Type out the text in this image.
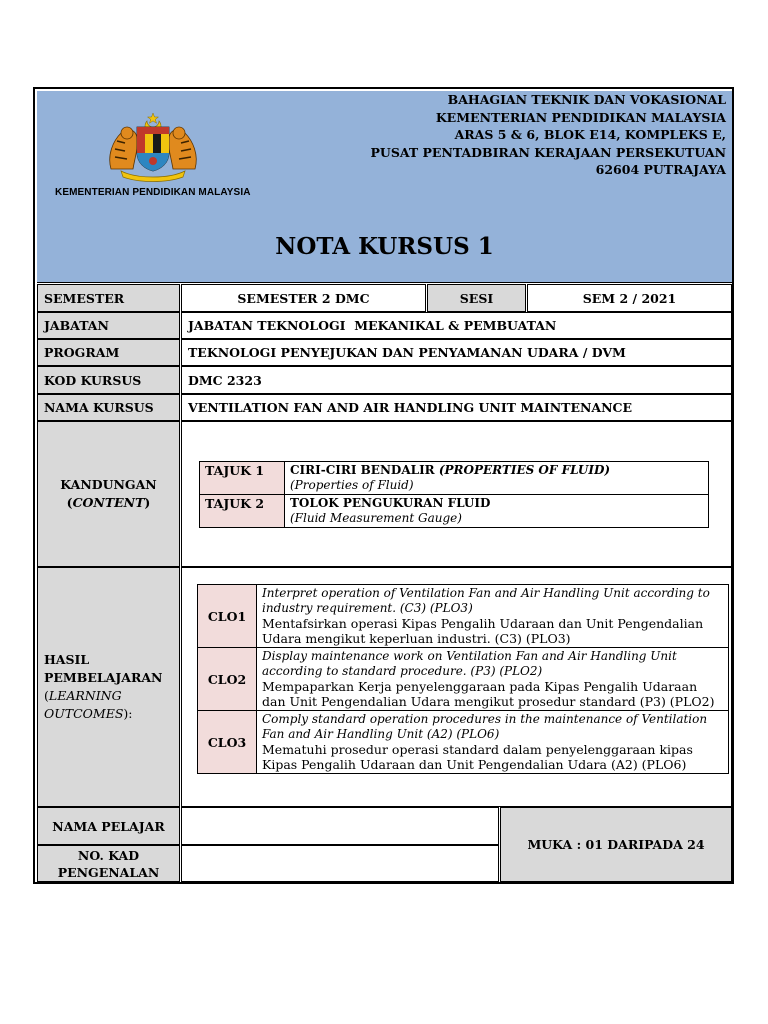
KEMENTERIAN PENDIDIKAN MALAYSIA
BAHAGIAN TEKNIK DAN VOKASIONAL
KEMENTERIAN PENDIDIKAN MALAYSIA
ARAS 5 & 6, BLOK E14, KOMPLEKS E,
PUSAT PENTADBIRAN KERAJAAN PERSEKUTUAN
62604 PUTRAJAYA
NOTA KURSUS 1
SEMESTER	SEMESTER 2 DMC	SESI	SEM 2 / 2021
JABATAN	JABATAN TEKNOLOGI  MEKANIKAL & PEMBUATAN
PROGRAM	TEKNOLOGI PENYEJUKAN DAN PENYAMANAN UDARA / DVM
KOD KURSUS	DMC 2323
NAMA KURSUS	VENTILATION FAN AND AIR HANDLING UNIT MAINTENANCE
KANDUNGAN
(CONTENT)
TAJUK 1	CIRI-CIRI BENDALIR (PROPERTIES OF FLUID)
(Properties of Fluid)

TAJUK 2	TOLOK PENGUKURAN FLUID
(Fluid Measurement Gauge)
HASIL
PEMBELAJARAN
(LEARNING
OUTCOMES):
CLO1	Interpret operation of Ventilation Fan and Air Handling Unit according to industry requirement. (C3) (PLO3)
Mentafsirkan operasi Kipas Pengalih Udaraan dan Unit Pengendalian Udara mengikut keperluan industri. (C3) (PLO3)

CLO2	Display maintenance work on Ventilation Fan and Air Handling Unit according to standard procedure. (P3) (PLO2)
Mempaparkan Kerja penyelenggaraan pada Kipas Pengalih Udaraan dan Unit Pengendalian Udara mengikut prosedur standard (P3) (PLO2)

CLO3	Comply standard operation procedures in the maintenance of Ventilation Fan and Air Handling Unit (A2) (PLO6)
Mematuhi prosedur operasi standard dalam penyelenggaraan kipas Kipas Pengalih Udaraan dan Unit Pengendalian Udara (A2) (PLO6)
NAMA PELAJAR
NO. KAD
PENGENALAN
MUKA : 01 DARIPADA 24
